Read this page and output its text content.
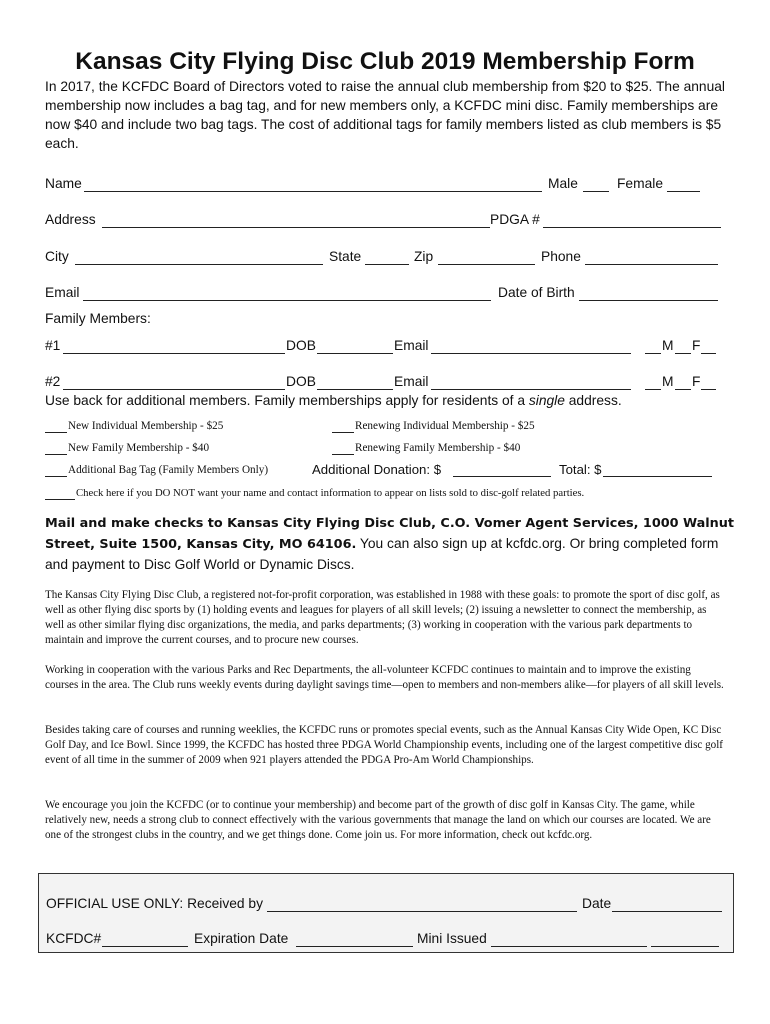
Kansas City Flying Disc Club 2019 Membership Form
In 2017, the KCFDC Board of Directors voted to raise the annual club membership from $20 to $25. The annual membership now includes a bag tag, and for new members only, a KCFDC mini disc. Family memberships are now $40 and include two bag tags. The cost of additional tags for family members listed as club members is $5 each.
Name	Male	Female
Address	PDGA #
City	State	Zip	Phone
Email	Date of Birth
Family Members:
#1	DOB	Email	M F
#2	DOB	Email	M F
Use back for additional members. Family memberships apply for residents of a single address.
New Individual Membership - $25	Renewing Individual Membership - $25
New Family Membership - $40	Renewing Family Membership - $40
Additional Bag Tag (Family Members Only)	Additional Donation: $	Total: $
Check here if you DO NOT want your name and contact information to appear on lists sold to disc-golf related parties.
Mail and make checks to Kansas City Flying Disc Club, C.O. Vomer Agent Services, 1000 Walnut Street, Suite 1500, Kansas City, MO 64106. You can also sign up at kcfdc.org. Or bring completed form and payment to Disc Golf World or Dynamic Discs.
The Kansas City Flying Disc Club, a registered not-for-profit corporation, was established in 1988 with these goals: to promote the sport of disc golf, as well as other flying disc sports by (1) holding events and leagues for players of all skill levels; (2) issuing a newsletter to connect the membership, as well as other similar flying disc organizations, the media, and parks departments; (3) working in cooperation with the various park departments to maintain and improve the current courses, and to procure new courses.
Working in cooperation with the various Parks and Rec Departments, the all-volunteer KCFDC continues to maintain and to improve the existing courses in the area. The Club runs weekly events during daylight savings time—open to members and non-members alike—for players of all skill levels.
Besides taking care of courses and running weeklies, the KCFDC runs or promotes special events, such as the Annual Kansas City Wide Open, KC Disc Golf Day, and Ice Bowl. Since 1999, the KCFDC has hosted three PDGA World Championship events, including one of the largest competitive disc golf event of all time in the summer of 2009 when 921 players attended the PDGA Pro-Am World Championships.
We encourage you join the KCFDC (or to continue your membership) and become part of the growth of disc golf in Kansas City. The game, while relatively new, needs a strong club to connect effectively with the various governments that manage the land on which our courses are located. We are one of the strongest clubs in the country, and we get things done. Come join us. For more information, check out kcfdc.org.
OFFICIAL USE ONLY: Received by	Date
KCFDC#	Expiration Date	Mini Issued
